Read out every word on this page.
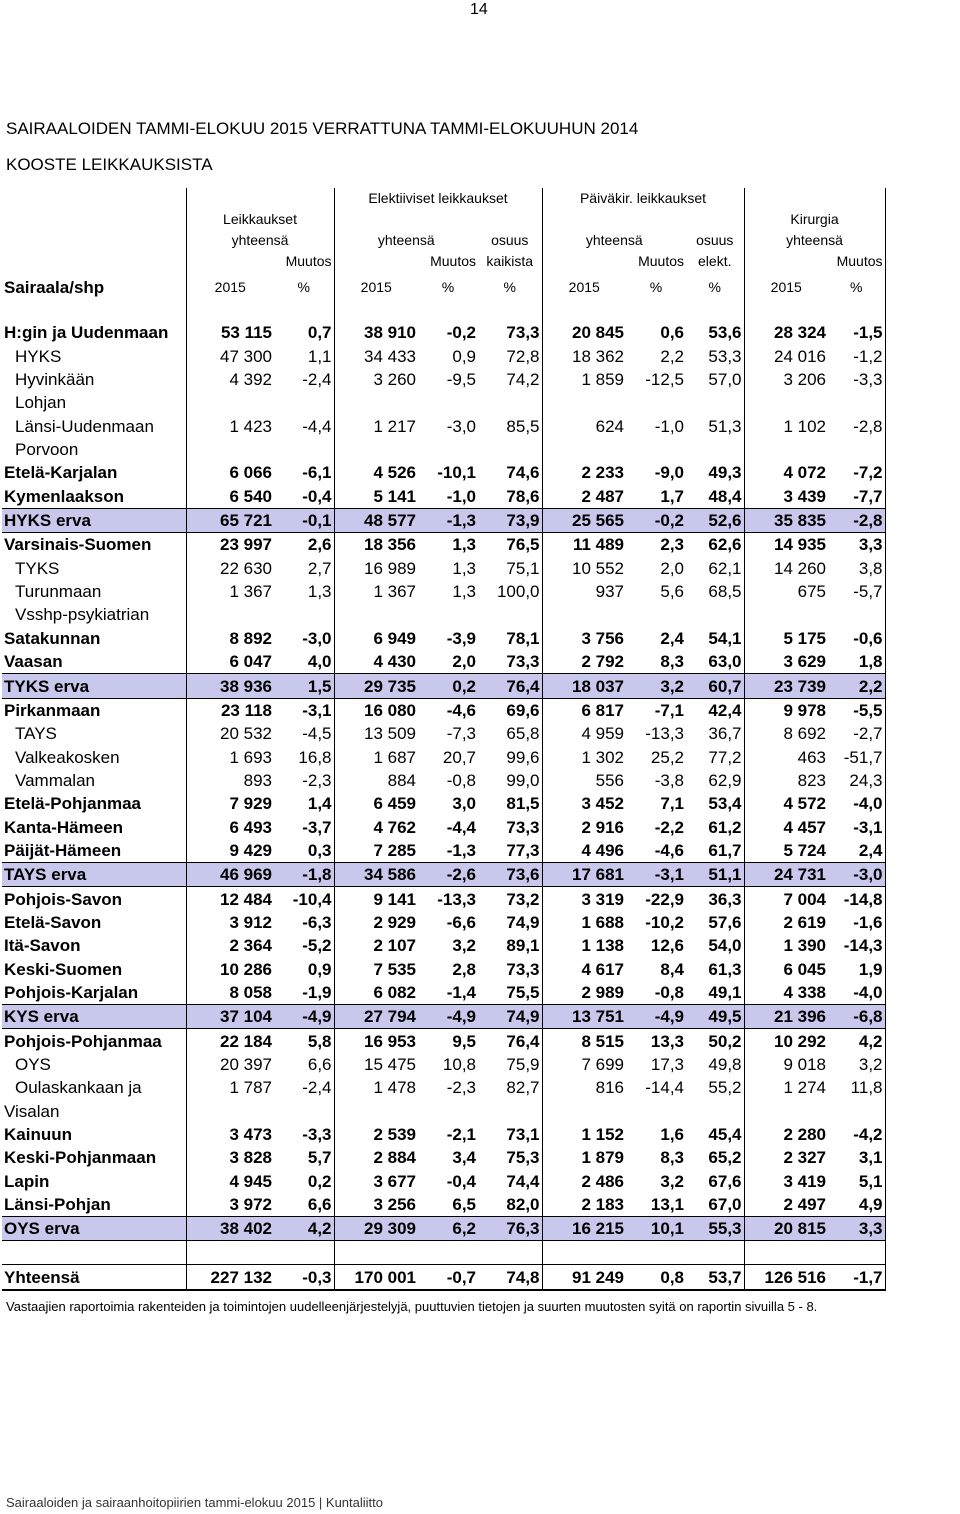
14
SAIRAALOIDEN TAMMI-ELOKUU 2015 VERRATTUNA TAMMI-ELOKUUHUN 2014
KOOSTE LEIKKAUKSISTA
			Elektiiviset leikkaukset			Päiväkir. leikkaukset				
	Leikkaukset								Kirurgia	
	yhteensä		yhteensä		osuus	yhteensä		osuus	yhteensä	
		Muutos		Muutos	kaikista		Muutos	elekt.		Muutos
Sairaala/shp	2015	%	2015	%	%	2015	%	%	2015	%

H:gin ja Uudenmaan	53 115	0,7	38 910	-0,2	73,3	20 845	0,6	53,6	28 324	-1,5
HYKS	47 300	1,1	34 433	0,9	72,8	18 362	2,2	53,3	24 016	-1,2
Hyvinkään	4 392	-2,4	3 260	-9,5	74,2	1 859	-12,5	57,0	3 206	-3,3
Lohjan										
Länsi-Uudenmaan	1 423	-4,4	1 217	-3,0	85,5	624	-1,0	51,3	1 102	-2,8
Porvoon										
Etelä-Karjalan	6 066	-6,1	4 526	-10,1	74,6	2 233	-9,0	49,3	4 072	-7,2
Kymenlaakson	6 540	-0,4	5 141	-1,0	78,6	2 487	1,7	48,4	3 439	-7,7
HYKS erva	65 721	-0,1	48 577	-1,3	73,9	25 565	-0,2	52,6	35 835	-2,8
Varsinais-Suomen	23 997	2,6	18 356	1,3	76,5	11 489	2,3	62,6	14 935	3,3
TYKS	22 630	2,7	16 989	1,3	75,1	10 552	2,0	62,1	14 260	3,8
Turunmaan	1 367	1,3	1 367	1,3	100,0	937	5,6	68,5	675	-5,7
Vsshp-psykiatrian										
Satakunnan	8 892	-3,0	6 949	-3,9	78,1	3 756	2,4	54,1	5 175	-0,6
Vaasan	6 047	4,0	4 430	2,0	73,3	2 792	8,3	63,0	3 629	1,8
TYKS erva	38 936	1,5	29 735	0,2	76,4	18 037	3,2	60,7	23 739	2,2
Pirkanmaan	23 118	-3,1	16 080	-4,6	69,6	6 817	-7,1	42,4	9 978	-5,5
TAYS	20 532	-4,5	13 509	-7,3	65,8	4 959	-13,3	36,7	8 692	-2,7
Valkeakosken	1 693	16,8	1 687	20,7	99,6	1 302	25,2	77,2	463	-51,7
Vammalan	893	-2,3	884	-0,8	99,0	556	-3,8	62,9	823	24,3
Etelä-Pohjanmaa	7 929	1,4	6 459	3,0	81,5	3 452	7,1	53,4	4 572	-4,0
Kanta-Hämeen	6 493	-3,7	4 762	-4,4	73,3	2 916	-2,2	61,2	4 457	-3,1
Päijät-Hämeen	9 429	0,3	7 285	-1,3	77,3	4 496	-4,6	61,7	5 724	2,4
TAYS erva	46 969	-1,8	34 586	-2,6	73,6	17 681	-3,1	51,1	24 731	-3,0
Pohjois-Savon	12 484	-10,4	9 141	-13,3	73,2	3 319	-22,9	36,3	7 004	-14,8
Etelä-Savon	3 912	-6,3	2 929	-6,6	74,9	1 688	-10,2	57,6	2 619	-1,6
Itä-Savon	2 364	-5,2	2 107	3,2	89,1	1 138	12,6	54,0	1 390	-14,3
Keski-Suomen	10 286	0,9	7 535	2,8	73,3	4 617	8,4	61,3	6 045	1,9
Pohjois-Karjalan	8 058	-1,9	6 082	-1,4	75,5	2 989	-0,8	49,1	4 338	-4,0
KYS erva	37 104	-4,9	27 794	-4,9	74,9	13 751	-4,9	49,5	21 396	-6,8
Pohjois-Pohjanmaa	22 184	5,8	16 953	9,5	76,4	8 515	13,3	50,2	10 292	4,2
OYS	20 397	6,6	15 475	10,8	75,9	7 699	17,3	49,8	9 018	3,2
Oulaskankaan ja	1 787	-2,4	1 478	-2,3	82,7	816	-14,4	55,2	1 274	11,8
Visalan										
Kainuun	3 473	-3,3	2 539	-2,1	73,1	1 152	1,6	45,4	2 280	-4,2
Keski-Pohjanmaan	3 828	5,7	2 884	3,4	75,3	1 879	8,3	65,2	2 327	3,1
Lapin	4 945	0,2	3 677	-0,4	74,4	2 486	3,2	67,6	3 419	5,1
Länsi-Pohjan	3 972	6,6	3 256	6,5	82,0	2 183	13,1	67,0	2 497	4,9
OYS erva	38 402	4,2	29 309	6,2	76,3	16 215	10,1	55,3	20 815	3,3

Yhteensä	227 132	-0,3	170 001	-0,7	74,8	91 249	0,8	53,7	126 516	-1,7
Vastaajien raportoimia rakenteiden ja toimintojen uudelleenjärjestelyjä, puuttuvien tietojen ja suurten muutosten syitä on raportin sivuilla 5 - 8.
Sairaaloiden ja sairaanhoitopiirien tammi-elokuu 2015 | Kuntaliitto
